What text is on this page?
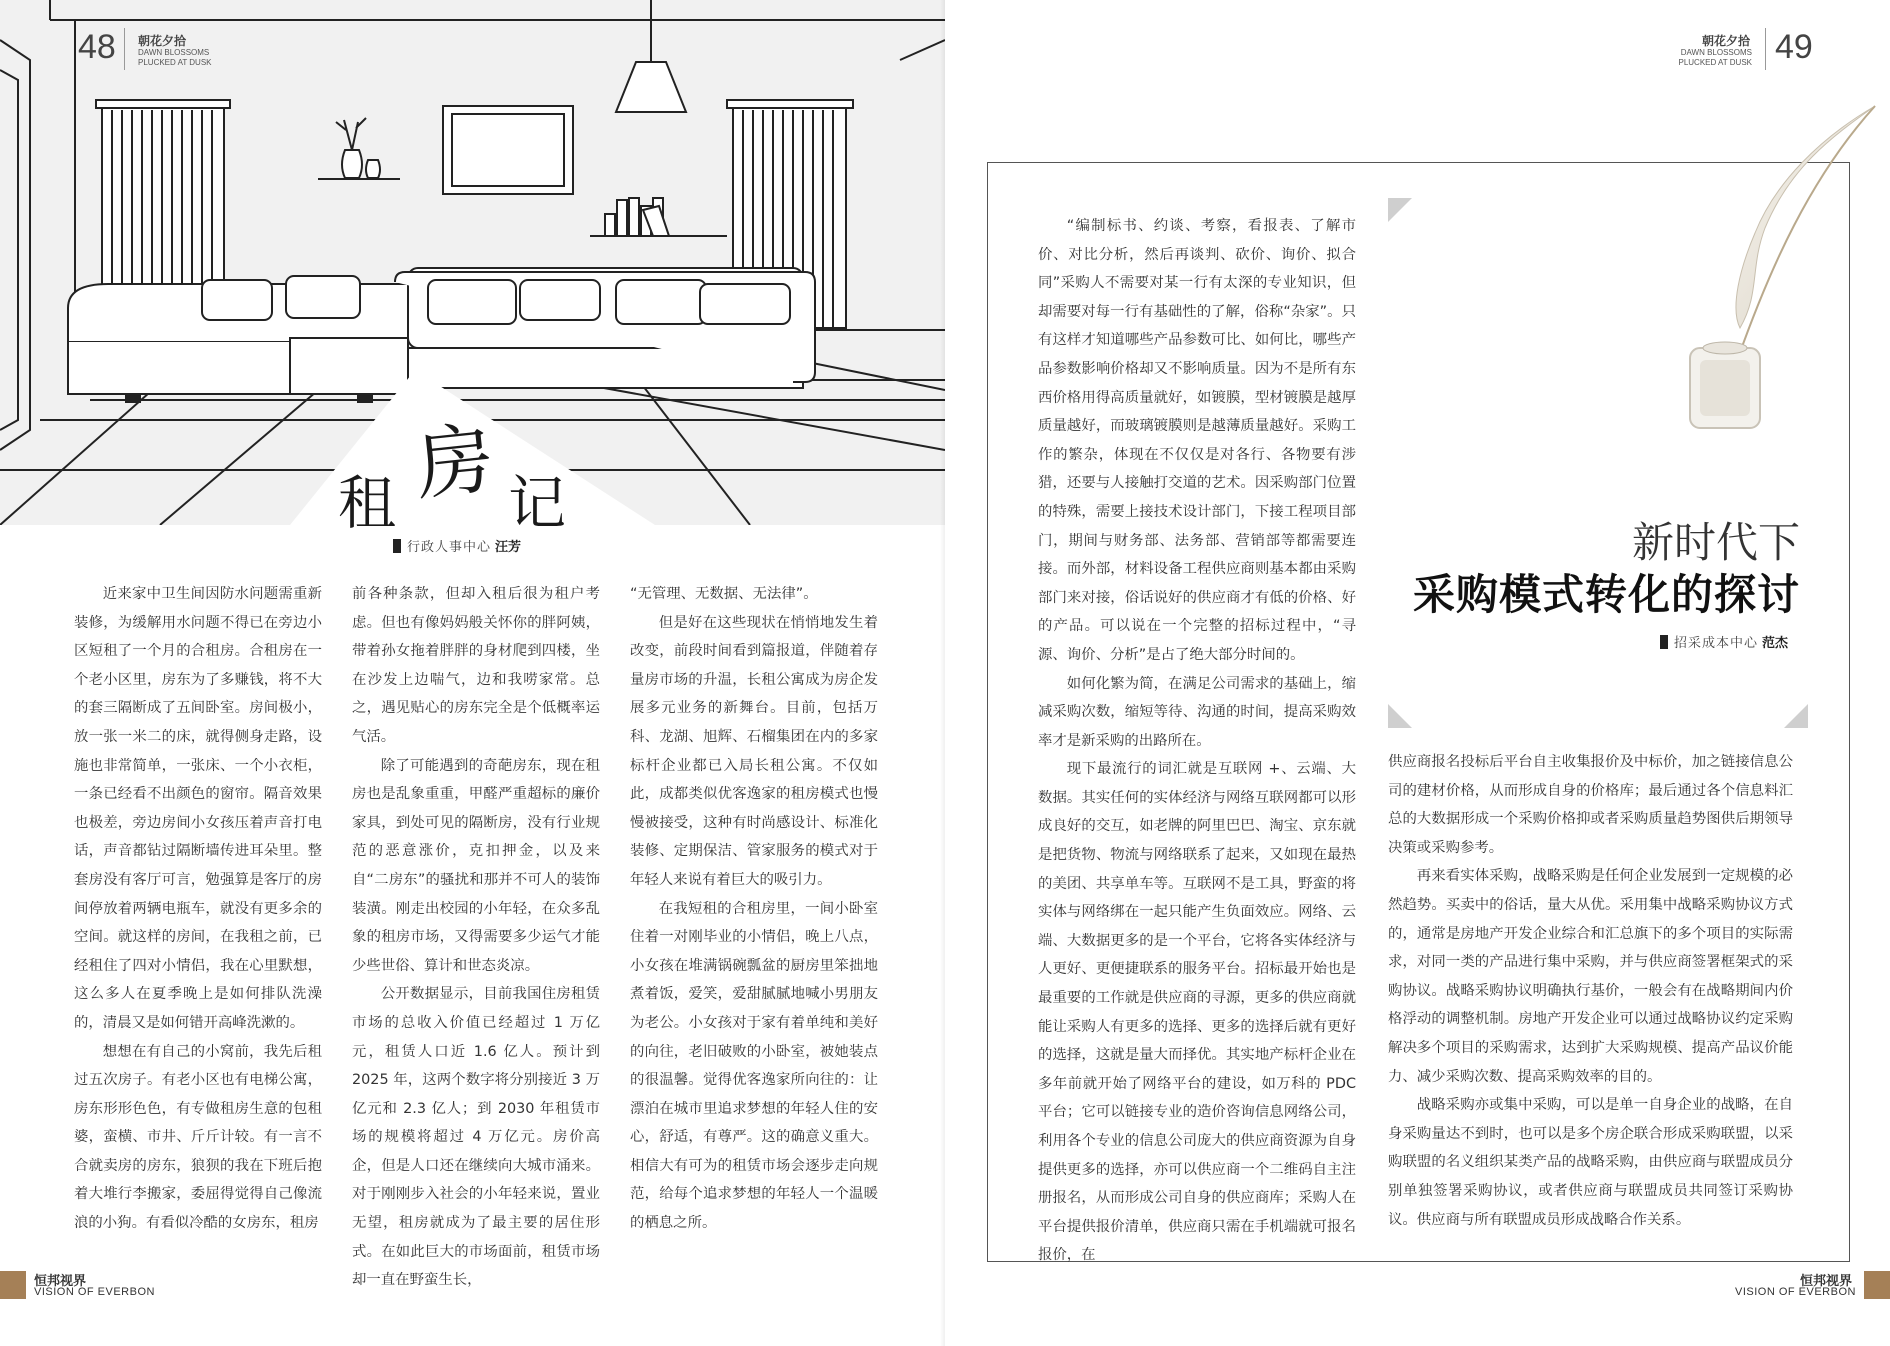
租 房 记
48 朝花夕拾
DAWN BLOSSOMS
PLUCKED AT DUSK
行政人事中心 汪芳

近来家中卫生间因防水问题需重新装修，为缓解用水问题不得已在旁边小区短租了一个月的合租房。合租房在一个老小区里，房东为了多赚钱，将不大的套三隔断成了五间卧室。房间极小，放一张一米二的床，就得侧身走路，设施也非常简单，一张床、一个小衣柜，一条已经看不出颜色的窗帘。隔音效果也极差，旁边房间小女孩压着声音打电话，声音都钻过隔断墙传进耳朵里。整套房没有客厅可言，勉强算是客厅的房间停放着两辆电瓶车，就没有更多余的空间。就这样的房间，在我租之前，已经租住了四对小情侣，我在心里默想，这么多人在夏季晚上是如何排队洗澡的，清晨又是如何错开高峰洗漱的。

想想在有自己的小窝前，我先后租过五次房子。有老小区也有电梯公寓，房东形形色色，有专做租房生意的包租婆，蛮横、市井、斤斤计较。有一言不合就卖房的房东，狼狈的我在下班后抱着大堆行李搬家，委屈得觉得自己像流浪的小狗。有看似冷酷的女房东，租房

前各种条款，但却入租后很为租户考虑。但也有像妈妈般关怀你的胖阿姨，带着孙女拖着胖胖的身材爬到四楼，坐在沙发上边喘气，边和我唠家常。总之，遇见贴心的房东完全是个低概率运气活。

除了可能遇到的奇葩房东，现在租房也是乱象重重，甲醛严重超标的廉价家具，到处可见的隔断房，没有行业规范的恶意涨价，克扣押金，以及来自“二房东”的骚扰和那并不可人的装饰装潢。刚走出校园的小年轻，在众多乱象的租房市场，又得需要多少运气才能少些世俗、算计和世态炎凉。

公开数据显示，目前我国住房租赁市场的总收入价值已经超过 1 万亿元，租赁人口近 1.6 亿人。预计到 2025 年，这两个数字将分别接近 3 万亿元和 2.3 亿人；到 2030 年租赁市场的规模将超过 4 万亿元。房价高企，但是人口还在继续向大城市涌来。对于刚刚步入社会的小年轻来说，置业无望，租房就成为了最主要的居住形式。在如此巨大的市场面前，租赁市场却一直在野蛮生长，

“无管理、无数据、无法律”。

但是好在这些现状在悄悄地发生着改变，前段时间看到篇报道，伴随着存量房市场的升温，长租公寓成为房企发展多元业务的新舞台。目前，包括万科、龙湖、旭辉、石榴集团在内的多家标杆企业都已入局长租公寓。不仅如此，成都类似优客逸家的租房模式也慢慢被接受，这种有时尚感设计、标准化装修、定期保洁、管家服务的模式对于年轻人来说有着巨大的吸引力。

在我短租的合租房里，一间小卧室住着一对刚毕业的小情侣，晚上八点，小女孩在堆满锅碗瓢盆的厨房里笨拙地煮着饭，爱笑，爱甜腻腻地喊小男朋友为老公。小女孩对于家有着单纯和美好的向往，老旧破败的小卧室，被她装点的很温馨。觉得优客逸家所向往的：让漂泊在城市里追求梦想的年轻人住的安心，舒适，有尊严。这的确意义重大。相信大有可为的租赁市场会逐步走向规范，给每个追求梦想的年轻人一个温暖的栖息之所。

恒邦视界
VISION OF EVERBON
朝花夕拾
DAWN BLOSSOMS
PLUCKED AT DUSK 49
新时代下
采购模式转化的探讨
招采成本中心 范杰

“编制标书、约谈、考察，看报表、了解市价、对比分析，然后再谈判、砍价、询价、拟合同”采购人不需要对某一行有太深的专业知识，但却需要对每一行有基础性的了解，俗称“杂家”。只有这样才知道哪些产品参数可比、如何比，哪些产品参数影响价格却又不影响质量。因为不是所有东西价格用得高质量就好，如镀膜，型材镀膜是越厚质量越好，而玻璃镀膜则是越薄质量越好。采购工作的繁杂，体现在不仅仅是对各行、各物要有涉猎，还要与人接触打交道的艺术。因采购部门位置的特殊，需要上接技术设计部门，下接工程项目部门，期间与财务部、法务部、营销部等都需要连接。而外部，材料设备工程供应商则基本都由采购部门来对接，俗话说好的供应商才有低的价格、好的产品。可以说在一个完整的招标过程中，“寻源、询价、分析”是占了绝大部分时间的。

如何化繁为简，在满足公司需求的基础上，缩减采购次数，缩短等待、沟通的时间，提高采购效率才是新采购的出路所在。

现下最流行的词汇就是互联网 +、云端、大数据。其实任何的实体经济与网络互联网都可以形成良好的交互，如老牌的阿里巴巴、淘宝、京东就是把货物、物流与网络联系了起来，又如现在最热的美团、共享单车等。互联网不是工具，野蛮的将实体与网络绑在一起只能产生负面效应。网络、云端、大数据更多的是一个平台，它将各实体经济与人更好、更便捷联系的服务平台。招标最开始也是最重要的工作就是供应商的寻源，更多的供应商就能让采购人有更多的选择、更多的选择后就有更好的选择，这就是量大而择优。其实地产标杆企业在多年前就开始了网络平台的建设，如万科的 PDC 平台；它可以链接专业的造价咨询信息网络公司，利用各个专业的信息公司庞大的供应商资源为自身提供更多的选择，亦可以供应商一个二维码自主注册报名，从而形成公司自身的供应商库；采购人在平台提供报价清单，供应商只需在手机端就可报名报价，在

供应商报名投标后平台自主收集报价及中标价，加之链接信息公司的建材价格，从而形成自身的价格库；最后通过各个信息料汇总的大数据形成一个采购价格抑或者采购质量趋势图供后期领导决策或采购参考。

再来看实体采购，战略采购是任何企业发展到一定规模的必然趋势。买卖中的俗话，量大从优。采用集中战略采购协议方式的，通常是房地产开发企业综合和汇总旗下的多个项目的实际需求，对同一类的产品进行集中采购，并与供应商签署框架式的采购协议。战略采购协议明确执行基价，一般会有在战略期间内价格浮动的调整机制。房地产开发企业可以通过战略协议约定采购解决多个项目的采购需求，达到扩大采购规模、提高产品议价能力、减少采购次数、提高采购效率的目的。

战略采购亦或集中采购，可以是单一自身企业的战略，在自身采购量达不到时，也可以是多个房企联合形成采购联盟，以采购联盟的名义组织某类产品的战略采购，由供应商与联盟成员分别单独签署采购协议，或者供应商与联盟成员共同签订采购协议。供应商与所有联盟成员形成战略合作关系。

恒邦视界
VISION OF EVERBON
